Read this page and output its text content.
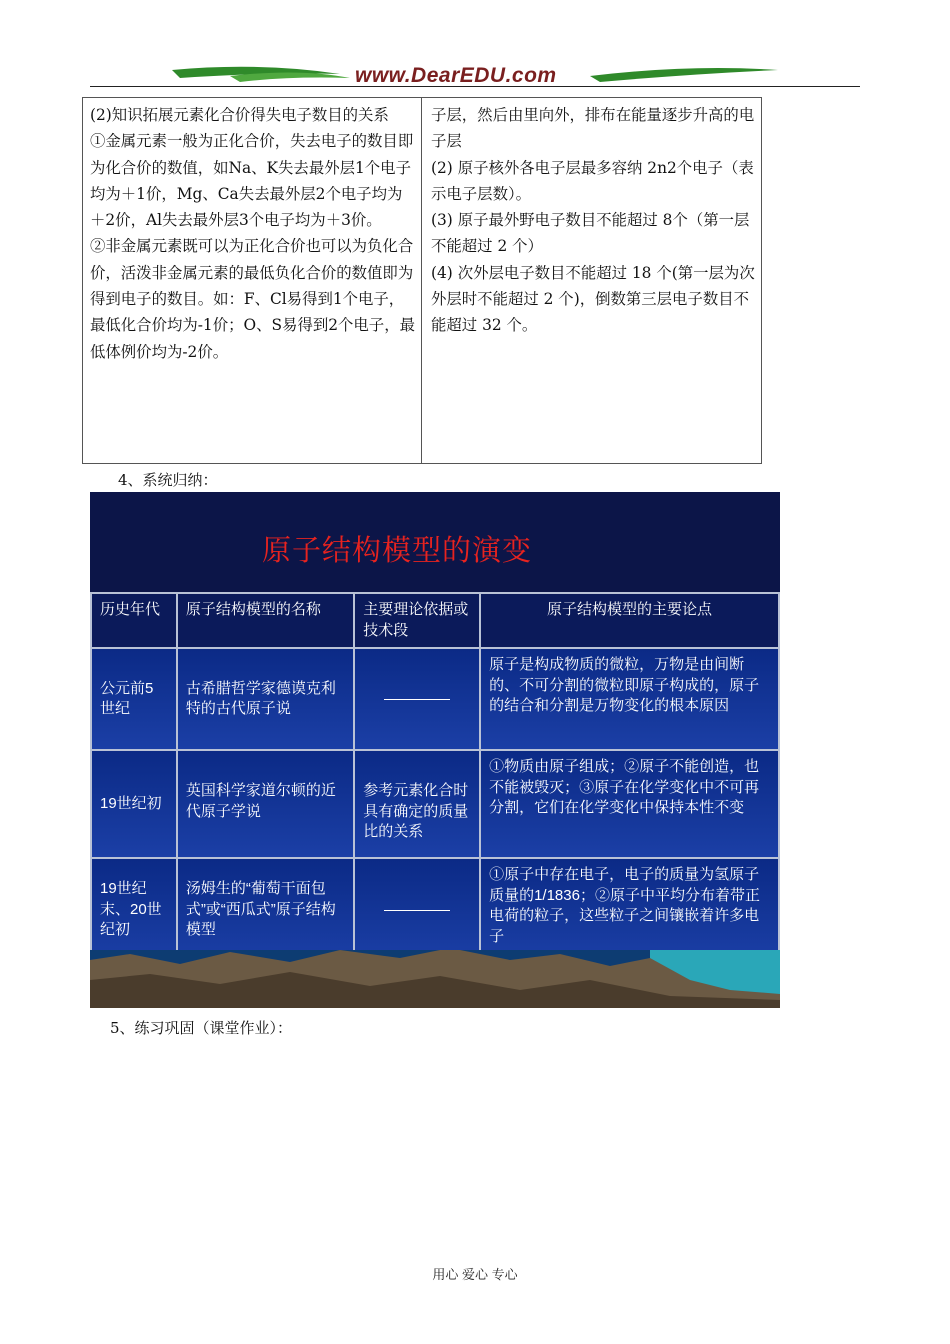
www.DearEDU.com

(2)知识拓展元素化合价得失电子数目的关系

①金属元素一般为正化合价，失去电子的数目即为化合价的数值，如Na、K失去最外层1个电子均为＋1价，Mg、Ca失去最外层2个电子均为＋2价，Al失去最外层3个电子均为＋3价。

②非金属元素既可以为正化合价也可以为负化合价，活泼非金属元素的最低负化合价的数值即为得到电子的数目。如：F、Cl易得到1个电子，最低化合价均为-1价；O、S易得到2个电子，最低体例价均为-2价。

子层，然后由里向外，排布在能量逐步升高的电子层

(2) 原子核外各电子层最多容纳 2n2个电子（表示电子层数）。

(3) 原子最外野电子数目不能超过 8个（第一层不能超过 2 个）

(4) 次外层电子数目不能超过 18 个(第一层为次外层时不能超过 2 个)，倒数第三层电子数目不能超过 32 个。

4、系统归纳：
原子结构模型的演变
历史年代	原子结构模型的名称	主要理论依据或技术段	原子结构模型的主要论点
公元前5世纪	古希腊哲学家德谟克利特的古代原子说		原子是构成物质的微粒，万物是由间断的、不可分割的微粒即原子构成的，原子的结合和分割是万物变化的根本原因
19世纪初	英国科学家道尔顿的近代原子学说	参考元素化合时具有确定的质量比的关系	①物质由原子组成；②原子不能创造，也不能被毁灭；③原子在化学变化中不可再分割，它们在化学变化中保持本性不变
19世纪末、20世纪初	汤姆生的“葡萄干面包式”或“西瓜式”原子结构模型		①原子中存在电子，电子的质量为氢原子质量的1/1836；②原子中平均分布着带正电荷的粒子，这些粒子之间镶嵌着许多电子
5、练习巩固（课堂作业）：
用心 爱心 专心
